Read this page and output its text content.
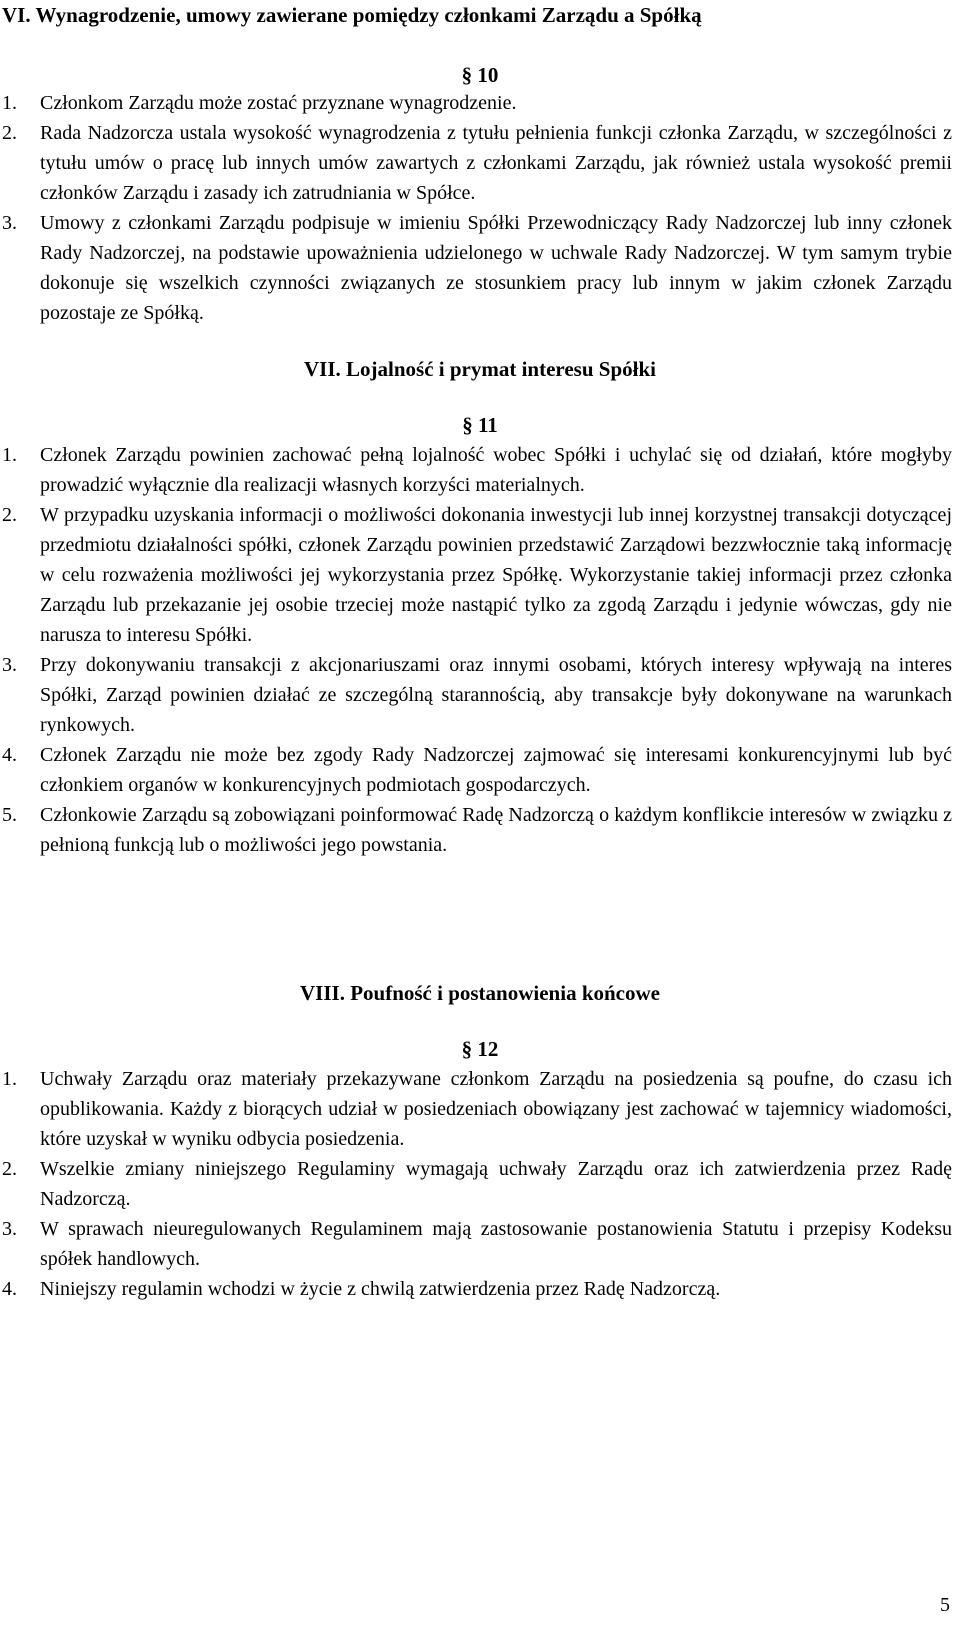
VI. Wynagrodzenie, umowy zawierane pomiędzy członkami Zarządu a Spółką
§ 10
1. Członkom Zarządu może zostać przyznane wynagrodzenie.
2. Rada Nadzorcza ustala wysokość wynagrodzenia z tytułu pełnienia funkcji członka Zarządu, w szczególności z tytułu umów o pracę lub innych umów zawartych z członkami Zarządu, jak również ustala wysokość premii członków Zarządu i zasady ich zatrudniania w Spółce.
3. Umowy z członkami Zarządu podpisuje w imieniu Spółki Przewodniczący Rady Nadzorczej lub inny członek Rady Nadzorczej, na podstawie upoważnienia udzielonego w uchwale Rady Nadzorczej. W tym samym trybie dokonuje się wszelkich czynności związanych ze stosunkiem pracy lub innym w jakim członek Zarządu pozostaje ze Spółką.
VII. Lojalność i prymat interesu Spółki
§ 11
1. Członek Zarządu powinien zachować pełną lojalność wobec Spółki i uchylać się od działań, które mogłyby prowadzić wyłącznie dla realizacji własnych korzyści materialnych.
2. W przypadku uzyskania informacji o możliwości dokonania inwestycji lub innej korzystnej transakcji dotyczącej przedmiotu działalności spółki, członek Zarządu powinien przedstawić Zarządowi bezzwłocznie taką informację w celu rozważenia możliwości jej wykorzystania przez Spółkę. Wykorzystanie takiej informacji przez członka Zarządu lub przekazanie jej osobie trzeciej może nastąpić tylko za zgodą Zarządu i jedynie wówczas, gdy nie narusza to interesu Spółki.
3. Przy dokonywaniu transakcji z akcjonariuszami oraz innymi osobami, których interesy wpływają na interes Spółki, Zarząd powinien działać ze szczególną starannością, aby transakcje były dokonywane na warunkach rynkowych.
4. Członek Zarządu nie może bez zgody Rady Nadzorczej zajmować się interesami konkurencyjnymi lub być członkiem organów w konkurencyjnych podmiotach gospodarczych.
5. Członkowie Zarządu są zobowiązani poinformować Radę Nadzorczą o każdym konflikcie interesów w związku z pełnioną funkcją lub o możliwości jego powstania.
VIII. Poufność i postanowienia końcowe
§ 12
1. Uchwały Zarządu oraz materiały przekazywane członkom Zarządu na posiedzenia są poufne, do czasu ich opublikowania. Każdy z biorących udział w posiedzeniach obowiązany jest zachować w tajemnicy wiadomości, które uzyskał w wyniku odbycia posiedzenia.
2. Wszelkie zmiany niniejszego Regulaminy wymagają uchwały Zarządu oraz ich zatwierdzenia przez Radę Nadzorczą.
3. W sprawach nieuregulowanych Regulaminem mają zastosowanie postanowienia Statutu i przepisy Kodeksu spółek handlowych.
4. Niniejszy regulamin wchodzi w życie z chwilą zatwierdzenia przez Radę Nadzorczą.
5
